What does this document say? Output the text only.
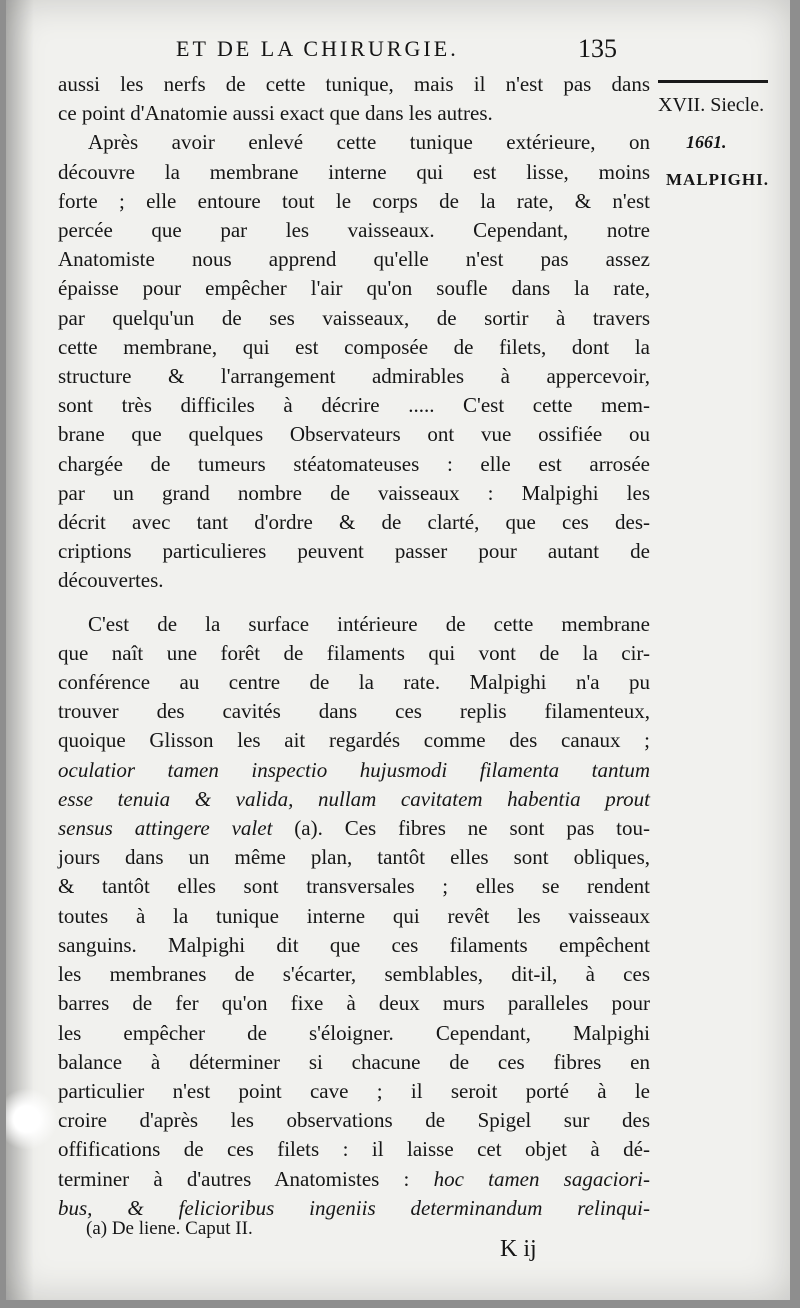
ET DE LA CHIRURGIE.	135
XVII. Siecle.
1661.
MALPIGHI.
aussi les nerfs de cette tunique, mais il n'est pas dans
ce point d'Anatomie aussi exact que dans les autres.
Après avoir enlevé cette tunique extérieure, on
découvre la membrane interne qui est lisse, moins
forte ; elle entoure tout le corps de la rate, & n'est
percée que par les vaisseaux. Cependant, notre
Anatomiste nous apprend qu'elle n'est pas assez
épaisse pour empêcher l'air qu'on soufle dans la rate,
par quelqu'un de ses vaisseaux, de sortir à travers
cette membrane, qui est composée de filets, dont la
structure & l'arrangement admirables à appercevoir,
sont très difficiles à décrire ..... C'est cette mem-
brane que quelques Observateurs ont vue ossifiée ou
chargée de tumeurs stéatomateuses : elle est arrosée
par un grand nombre de vaisseaux : Malpighi les
décrit avec tant d'ordre & de clarté, que ces des-
criptions particulieres peuvent passer pour autant de
découvertes.
C'est de la surface intérieure de cette membrane
que naît une forêt de filaments qui vont de la cir-
conférence au centre de la rate. Malpighi n'a pu
trouver des cavités dans ces replis filamenteux,
quoique Glisson les ait regardés comme des canaux ;
oculatior tamen inspectio hujusmodi filamenta tantum
esse tenuia & valida, nullam cavitatem habentia prout
sensus attingere valet (a). Ces fibres ne sont pas tou-
jours dans un même plan, tantôt elles sont obliques,
& tantôt elles sont transversales ; elles se rendent
toutes à la tunique interne qui revêt les vaisseaux
sanguins. Malpighi dit que ces filaments empêchent
les membranes de s'écarter, semblables, dit-il, à ces
barres de fer qu'on fixe à deux murs paralleles pour
les empêcher de s'éloigner. Cependant, Malpighi
balance à déterminer si chacune de ces fibres en
particulier n'est point cave ; il seroit porté à le
croire d'après les observations de Spigel sur des
offifications de ces filets : il laisse cet objet à dé-
terminer à d'autres Anatomistes : hoc tamen sagaciori-
bus, & felicioribus ingeniis determinandum relinqui-
(a) De liene. Caput II.
K ij
